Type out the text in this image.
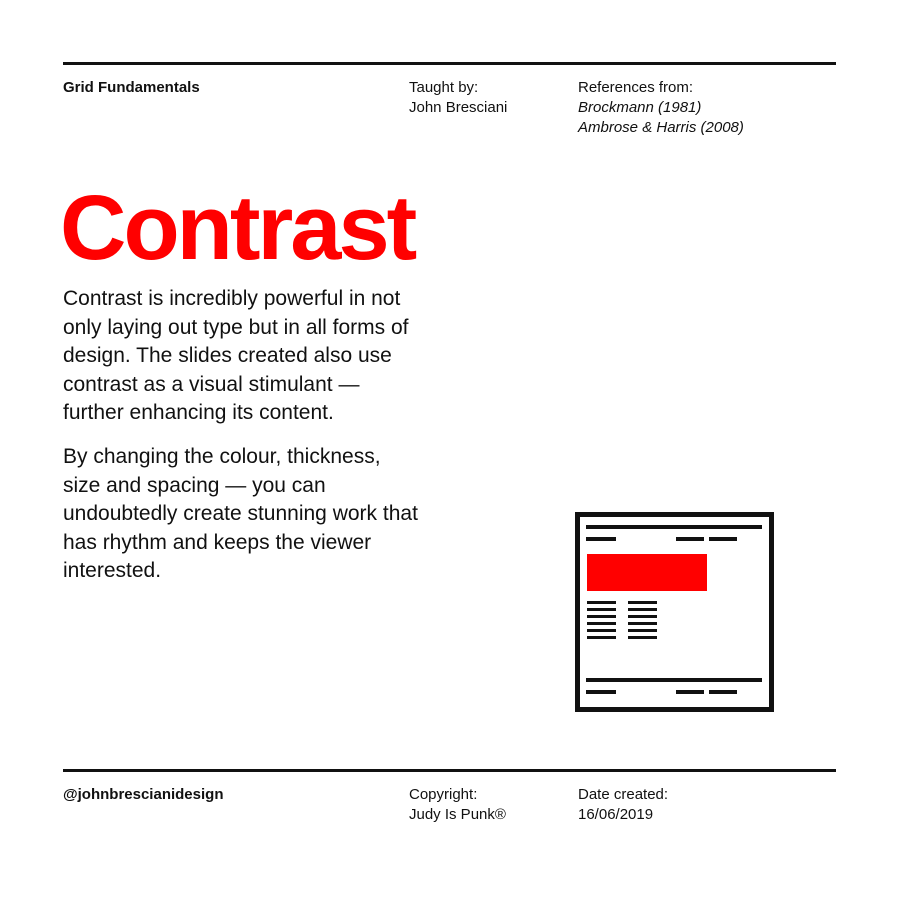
Grid Fundamentals	Taught by:
John Bresciani
References from:
Brockmann (1981)
Ambrose & Harris (2008)
Contrast

Contrast is incredibly powerful in not only laying out type but in all forms of design. The slides created also use contrast as a visual stimulant — further enhancing its content.

By changing the colour, thickness, size and spacing — you can undoubtedly create stunning work that has rhythm and keeps the viewer interested.

@johnbrescianidesign	Copyright:
Judy Is Punk®
Date created:
16/06/2019
